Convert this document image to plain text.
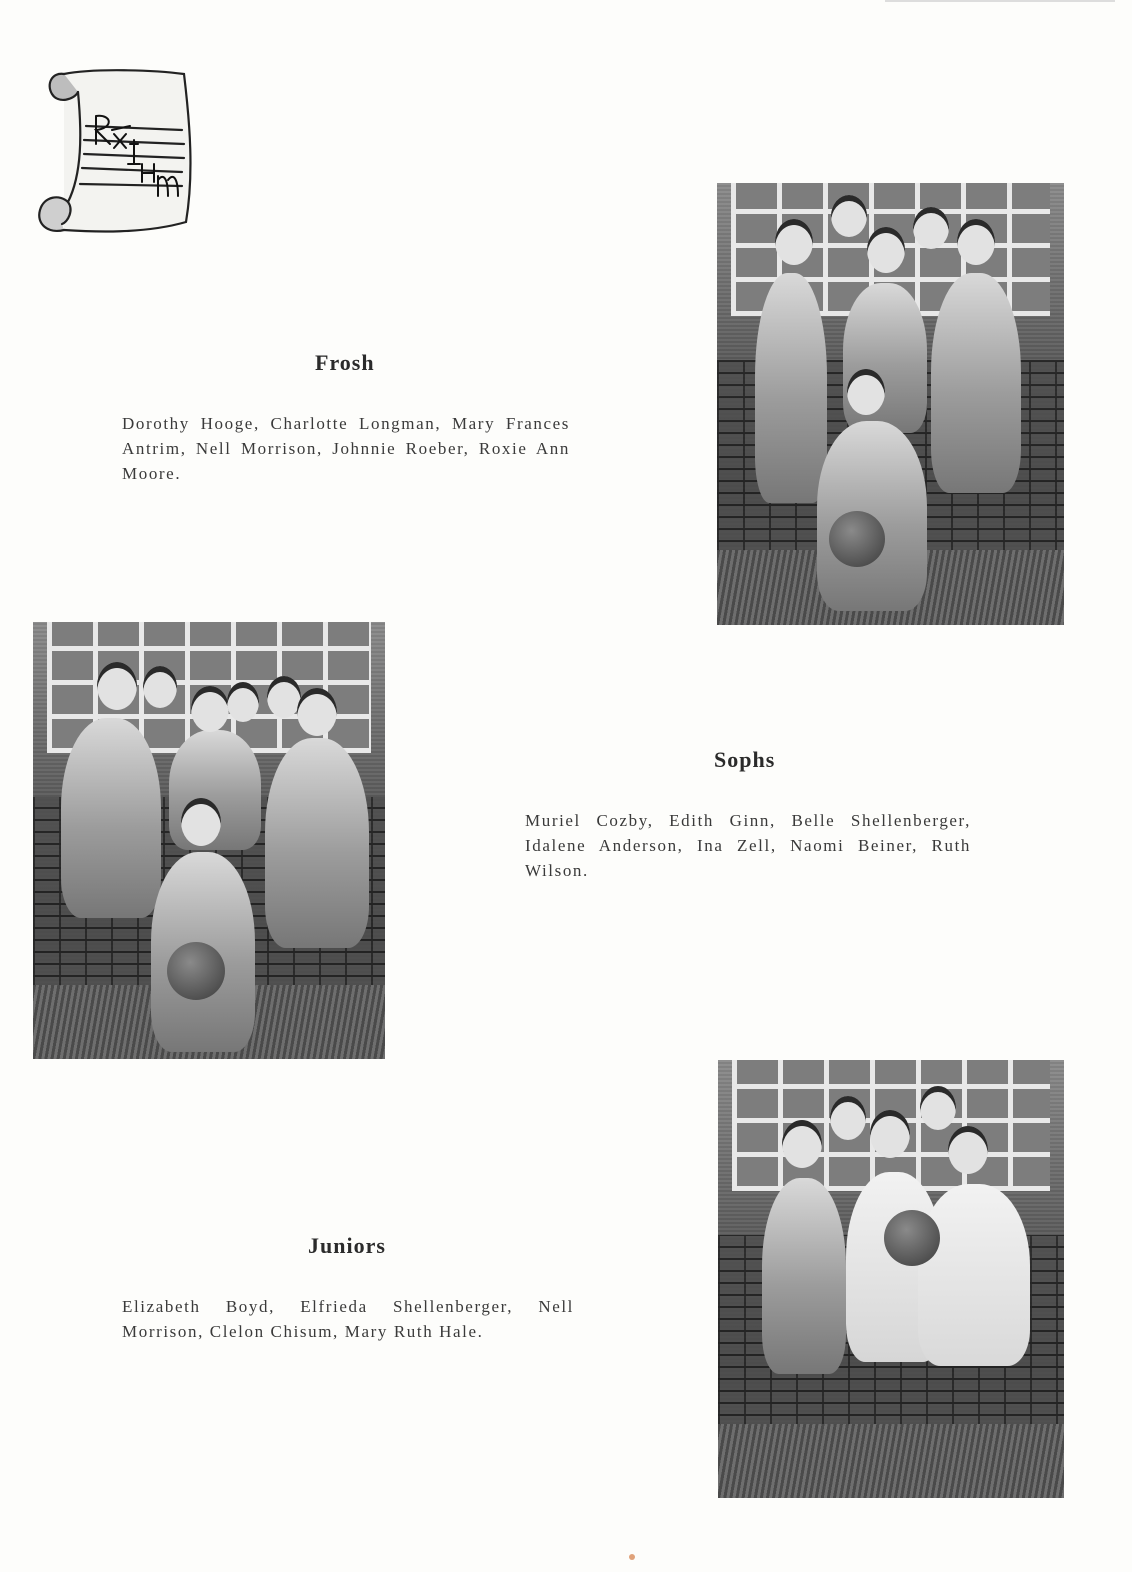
Frosh

Dorothy Hooge, Charlotte Longman, Mary Frances Antrim, Nell Morrison, Johnnie Roeber, Roxie Ann Moore.

Sophs

Muriel Cozby, Edith Ginn, Belle Shellenberger, Idalene Anderson, Ina Zell, Naomi Beiner, Ruth Wilson.

Juniors

Elizabeth Boyd, Elfrieda Shellenberger, Nell Morrison, Clelon Chisum, Mary Ruth Hale.
